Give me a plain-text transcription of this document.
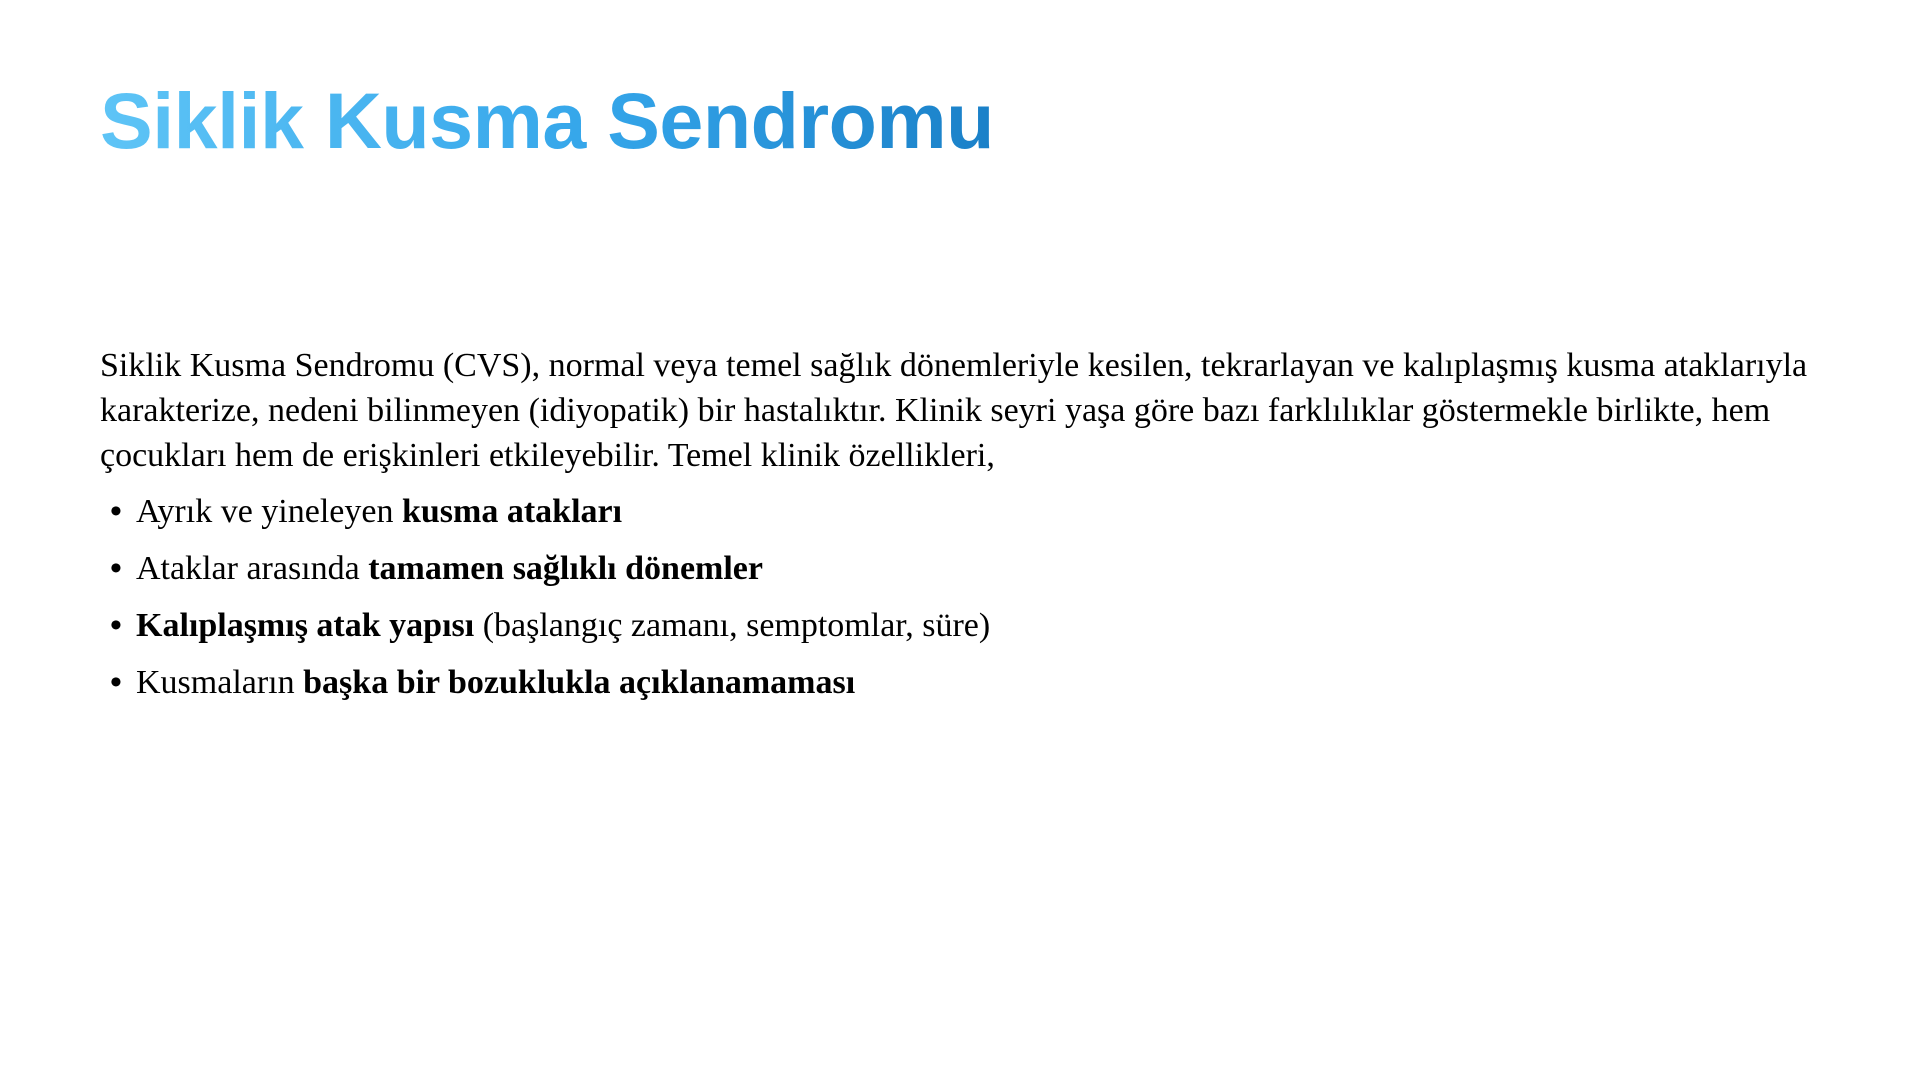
Siklik Kusma Sendromu

Siklik Kusma Sendromu (CVS), normal veya temel sağlık dönemleriyle kesilen, tekrarlayan ve kalıplaşmış kusma ataklarıyla karakterize, nedeni bilinmeyen (idiyopatik) bir hastalıktır. Klinik seyri yaşa göre bazı farklılıklar göstermekle birlikte, hem çocukları hem de erişkinleri etkileyebilir. Temel klinik özellikleri,

• Ayrık ve yineleyen kusma atakları
• Ataklar arasında tamamen sağlıklı dönemler
• Kalıplaşmış atak yapısı (başlangıç zamanı, semptomlar, süre)
• Kusmaların başka bir bozuklukla açıklanamaması
